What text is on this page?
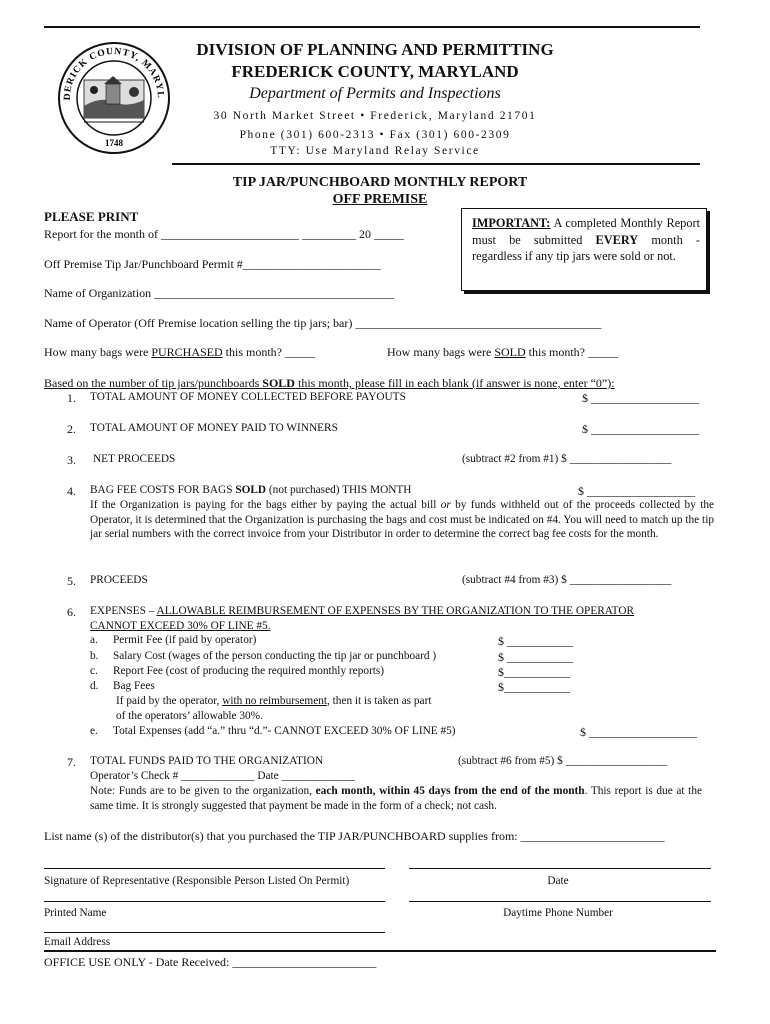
DERICK COUNTY, MARYL
1748
DIVISION OF PLANNING AND PERMITTING
FREDERICK COUNTY, MARYLAND
Department of Permits and Inspections
30 North Market Street • Frederick, Maryland 21701
Phone (301) 600-2313 • Fax (301) 600-2309
TTY: Use Maryland Relay Service
TIP JAR/PUNCHBOARD MONTHLY REPORT
OFF PREMISE
PLEASE PRINT
Report for the month of _______________________ _________ 20 _____
Off Premise Tip Jar/Punchboard Permit #_______________________
Name of Organization ________________________________________
IMPORTANT: A completed Monthly Report must be submitted EVERY month - regardless if any tip jars were sold or not.
Name of Operator (Off Premise location selling the tip jars; bar) _________________________________________
How many bags were PURCHASED this month? _____	How many bags were SOLD this month? _____
Based on the number of tip jars/punchboards SOLD this month, please fill in each blank (if answer is none, enter “0”):
1. TOTAL AMOUNT OF MONEY COLLECTED BEFORE PAYOUTS	$ __________________
2. TOTAL AMOUNT OF MONEY PAID TO WINNERS	$ __________________
3. NET PROCEEDS	(subtract #2 from #1) $ __________________
4. BAG FEE COSTS FOR BAGS SOLD (not purchased) THIS MONTH	$ __________________
If the Organization is paying for the bags either by paying the actual bill or by funds withheld out of the proceeds collected by the Operator, it is determined that the Organization is purchasing the bags and cost must be indicated on #4. You will need to match up the tip jar serial numbers with the correct invoice from your Distributor in order to determine the correct bag fee costs for the month.
5. PROCEEDS	(subtract #4 from #3) $ __________________
6. EXPENSES – ALLOWABLE REIMBURSEMENT OF EXPENSES BY THE ORGANIZATION TO THE OPERATOR
CANNOT EXCEED 30% OF LINE #5.
a. Permit Fee (if paid by operator)	$ ___________
b. Salary Cost (wages of the person conducting the tip jar or punchboard )	$ ___________
c. Report Fee (cost of producing the required monthly reports)	$___________
d. Bag Fees	$___________
If paid by the operator, with no reimbursement, then it is taken as part
of the operators’ allowable 30%.
e. Total Expenses (add “a.” thru “d.”- CANNOT EXCEED 30% OF LINE #5)	$ __________________
7. TOTAL FUNDS PAID TO THE ORGANIZATION	(subtract #6 from #5) $ __________________
Operator’s Check # _____________ Date _____________
Note: Funds are to be given to the organization, each month, within 45 days from the end of the month. This report is due at the same time. It is strongly suggested that payment be made in the form of a check; not cash.
List name (s) of the distributor(s) that you purchased the TIP JAR/PUNCHBOARD supplies from: ________________________
Signature of Representative (Responsible Person Listed On Permit)	Date
Printed Name	Daytime Phone Number
Email Address
OFFICE USE ONLY - Date Received: ________________________
